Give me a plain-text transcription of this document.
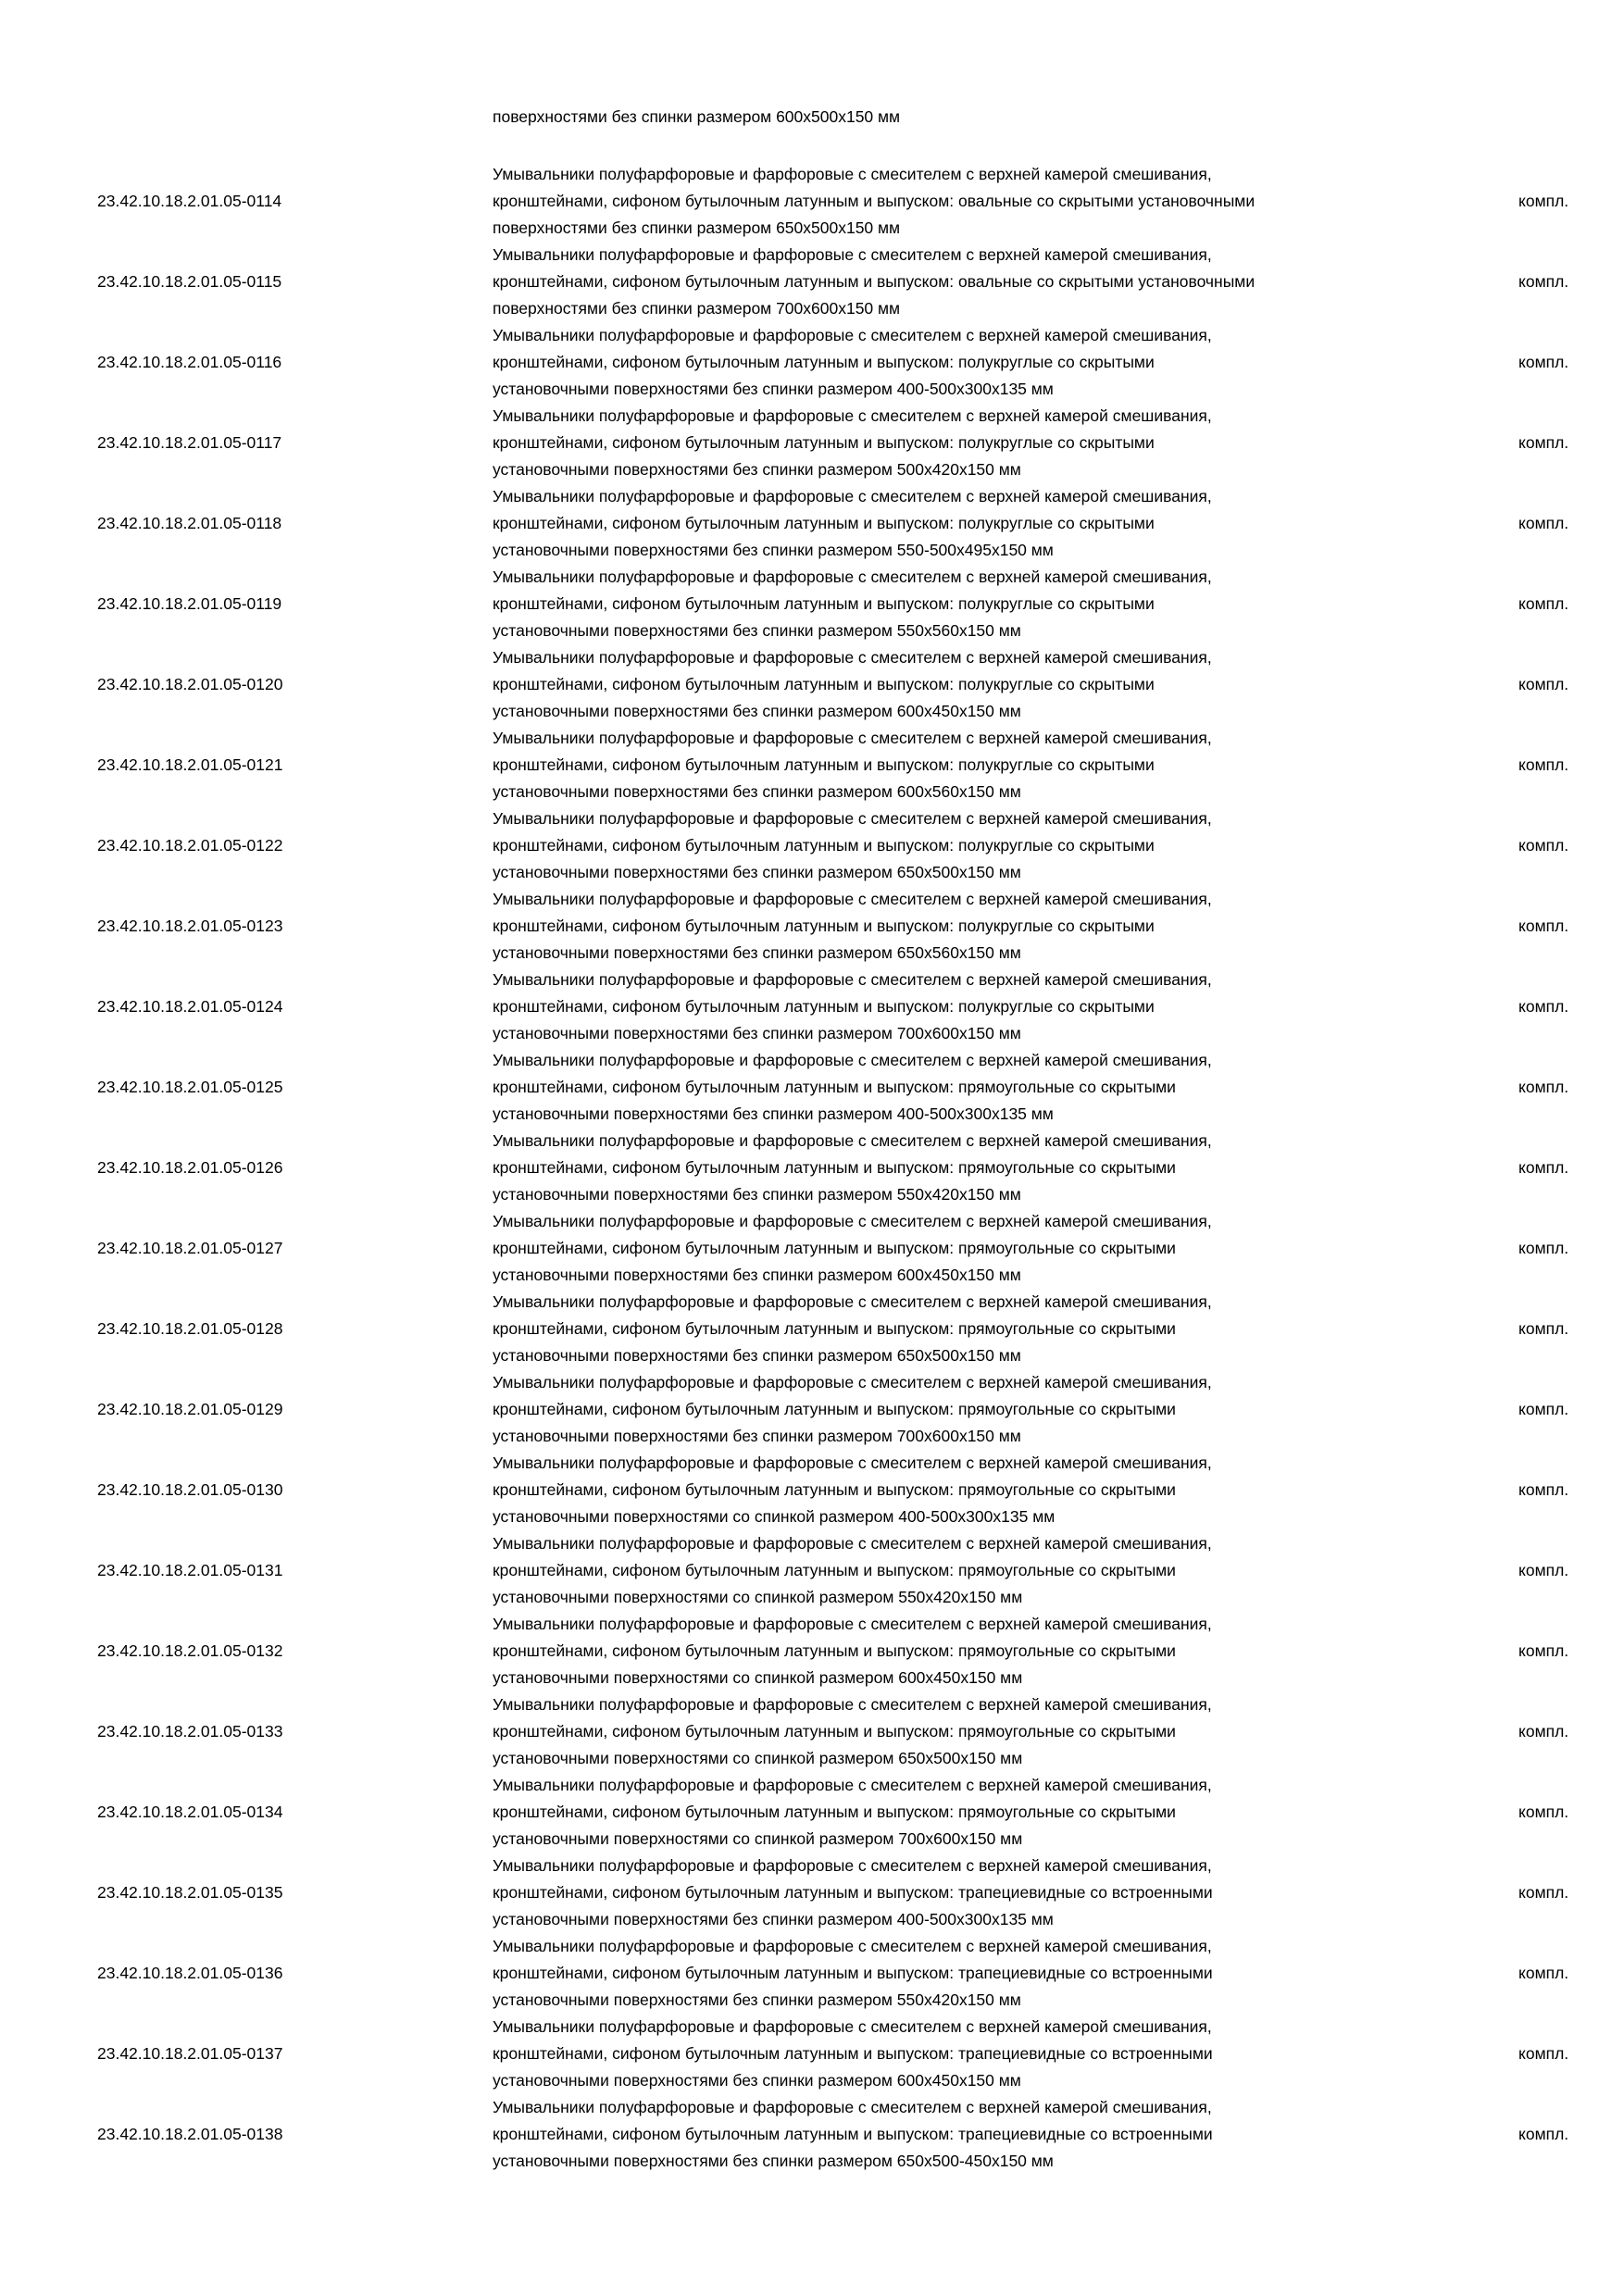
поверхностями без спинки размером 600х500х150 мм
23.42.10.18.2.01.05-0114
Умывальники полуфарфоровые и фарфоровые с смесителем с верхней камерой смешивания,
кронштейнами, сифоном бутылочным латунным и выпуском: овальные со скрытыми установочными
поверхностями без спинки размером 650х500х150 мм
компл.
23.42.10.18.2.01.05-0115
Умывальники полуфарфоровые и фарфоровые с смесителем с верхней камерой смешивания,
кронштейнами, сифоном бутылочным латунным и выпуском: овальные со скрытыми установочными
поверхностями без спинки размером 700х600х150 мм
компл.
23.42.10.18.2.01.05-0116
Умывальники полуфарфоровые и фарфоровые с смесителем с верхней камерой смешивания,
кронштейнами, сифоном бутылочным латунным и выпуском: полукруглые со скрытыми
установочными поверхностями без спинки размером 400-500х300х135 мм
компл.
23.42.10.18.2.01.05-0117
Умывальники полуфарфоровые и фарфоровые с смесителем с верхней камерой смешивания,
кронштейнами, сифоном бутылочным латунным и выпуском: полукруглые со скрытыми
установочными поверхностями без спинки размером 500х420х150 мм
компл.
23.42.10.18.2.01.05-0118
Умывальники полуфарфоровые и фарфоровые с смесителем с верхней камерой смешивания,
кронштейнами, сифоном бутылочным латунным и выпуском: полукруглые со скрытыми
установочными поверхностями без спинки размером 550-500х495х150 мм
компл.
23.42.10.18.2.01.05-0119
Умывальники полуфарфоровые и фарфоровые с смесителем с верхней камерой смешивания,
кронштейнами, сифоном бутылочным латунным и выпуском: полукруглые со скрытыми
установочными поверхностями без спинки размером 550х560х150 мм
компл.
23.42.10.18.2.01.05-0120
Умывальники полуфарфоровые и фарфоровые с смесителем с верхней камерой смешивания,
кронштейнами, сифоном бутылочным латунным и выпуском: полукруглые со скрытыми
установочными поверхностями без спинки размером 600х450х150 мм
компл.
23.42.10.18.2.01.05-0121
Умывальники полуфарфоровые и фарфоровые с смесителем с верхней камерой смешивания,
кронштейнами, сифоном бутылочным латунным и выпуском: полукруглые со скрытыми
установочными поверхностями без спинки размером 600х560х150 мм
компл.
23.42.10.18.2.01.05-0122
Умывальники полуфарфоровые и фарфоровые с смесителем с верхней камерой смешивания,
кронштейнами, сифоном бутылочным латунным и выпуском: полукруглые со скрытыми
установочными поверхностями без спинки размером 650х500х150 мм
компл.
23.42.10.18.2.01.05-0123
Умывальники полуфарфоровые и фарфоровые с смесителем с верхней камерой смешивания,
кронштейнами, сифоном бутылочным латунным и выпуском: полукруглые со скрытыми
установочными поверхностями без спинки размером 650х560х150 мм
компл.
23.42.10.18.2.01.05-0124
Умывальники полуфарфоровые и фарфоровые с смесителем с верхней камерой смешивания,
кронштейнами, сифоном бутылочным латунным и выпуском: полукруглые со скрытыми
установочными поверхностями без спинки размером 700х600х150 мм
компл.
23.42.10.18.2.01.05-0125
Умывальники полуфарфоровые и фарфоровые с смесителем с верхней камерой смешивания,
кронштейнами, сифоном бутылочным латунным и выпуском: прямоугольные со скрытыми
установочными поверхностями без спинки размером 400-500х300х135 мм
компл.
23.42.10.18.2.01.05-0126
Умывальники полуфарфоровые и фарфоровые с смесителем с верхней камерой смешивания,
кронштейнами, сифоном бутылочным латунным и выпуском: прямоугольные со скрытыми
установочными поверхностями без спинки размером 550х420х150 мм
компл.
23.42.10.18.2.01.05-0127
Умывальники полуфарфоровые и фарфоровые с смесителем с верхней камерой смешивания,
кронштейнами, сифоном бутылочным латунным и выпуском: прямоугольные со скрытыми
установочными поверхностями без спинки размером 600х450х150 мм
компл.
23.42.10.18.2.01.05-0128
Умывальники полуфарфоровые и фарфоровые с смесителем с верхней камерой смешивания,
кронштейнами, сифоном бутылочным латунным и выпуском: прямоугольные со скрытыми
установочными поверхностями без спинки размером 650х500х150 мм
компл.
23.42.10.18.2.01.05-0129
Умывальники полуфарфоровые и фарфоровые с смесителем с верхней камерой смешивания,
кронштейнами, сифоном бутылочным латунным и выпуском: прямоугольные со скрытыми
установочными поверхностями без спинки размером 700х600х150 мм
компл.
23.42.10.18.2.01.05-0130
Умывальники полуфарфоровые и фарфоровые с смесителем с верхней камерой смешивания,
кронштейнами, сифоном бутылочным латунным и выпуском: прямоугольные со скрытыми
установочными поверхностями со спинкой размером 400-500х300х135 мм
компл.
23.42.10.18.2.01.05-0131
Умывальники полуфарфоровые и фарфоровые с смесителем с верхней камерой смешивания,
кронштейнами, сифоном бутылочным латунным и выпуском: прямоугольные со скрытыми
установочными поверхностями со спинкой размером 550х420х150 мм
компл.
23.42.10.18.2.01.05-0132
Умывальники полуфарфоровые и фарфоровые с смесителем с верхней камерой смешивания,
кронштейнами, сифоном бутылочным латунным и выпуском: прямоугольные со скрытыми
установочными поверхностями со спинкой размером 600х450х150 мм
компл.
23.42.10.18.2.01.05-0133
Умывальники полуфарфоровые и фарфоровые с смесителем с верхней камерой смешивания,
кронштейнами, сифоном бутылочным латунным и выпуском: прямоугольные со скрытыми
установочными поверхностями со спинкой размером 650х500х150 мм
компл.
23.42.10.18.2.01.05-0134
Умывальники полуфарфоровые и фарфоровые с смесителем с верхней камерой смешивания,
кронштейнами, сифоном бутылочным латунным и выпуском: прямоугольные со скрытыми
установочными поверхностями со спинкой размером 700х600х150 мм
компл.
23.42.10.18.2.01.05-0135
Умывальники полуфарфоровые и фарфоровые с смесителем с верхней камерой смешивания,
кронштейнами, сифоном бутылочным латунным и выпуском: трапециевидные со встроенными
установочными поверхностями без спинки размером 400-500х300х135 мм
компл.
23.42.10.18.2.01.05-0136
Умывальники полуфарфоровые и фарфоровые с смесителем с верхней камерой смешивания,
кронштейнами, сифоном бутылочным латунным и выпуском: трапециевидные со встроенными
установочными поверхностями без спинки размером 550х420х150 мм
компл.
23.42.10.18.2.01.05-0137
Умывальники полуфарфоровые и фарфоровые с смесителем с верхней камерой смешивания,
кронштейнами, сифоном бутылочным латунным и выпуском: трапециевидные со встроенными
установочными поверхностями без спинки размером 600х450х150 мм
компл.
23.42.10.18.2.01.05-0138
Умывальники полуфарфоровые и фарфоровые с смесителем с верхней камерой смешивания,
кронштейнами, сифоном бутылочным латунным и выпуском: трапециевидные со встроенными
установочными поверхностями без спинки размером 650х500-450х150 мм
компл.
